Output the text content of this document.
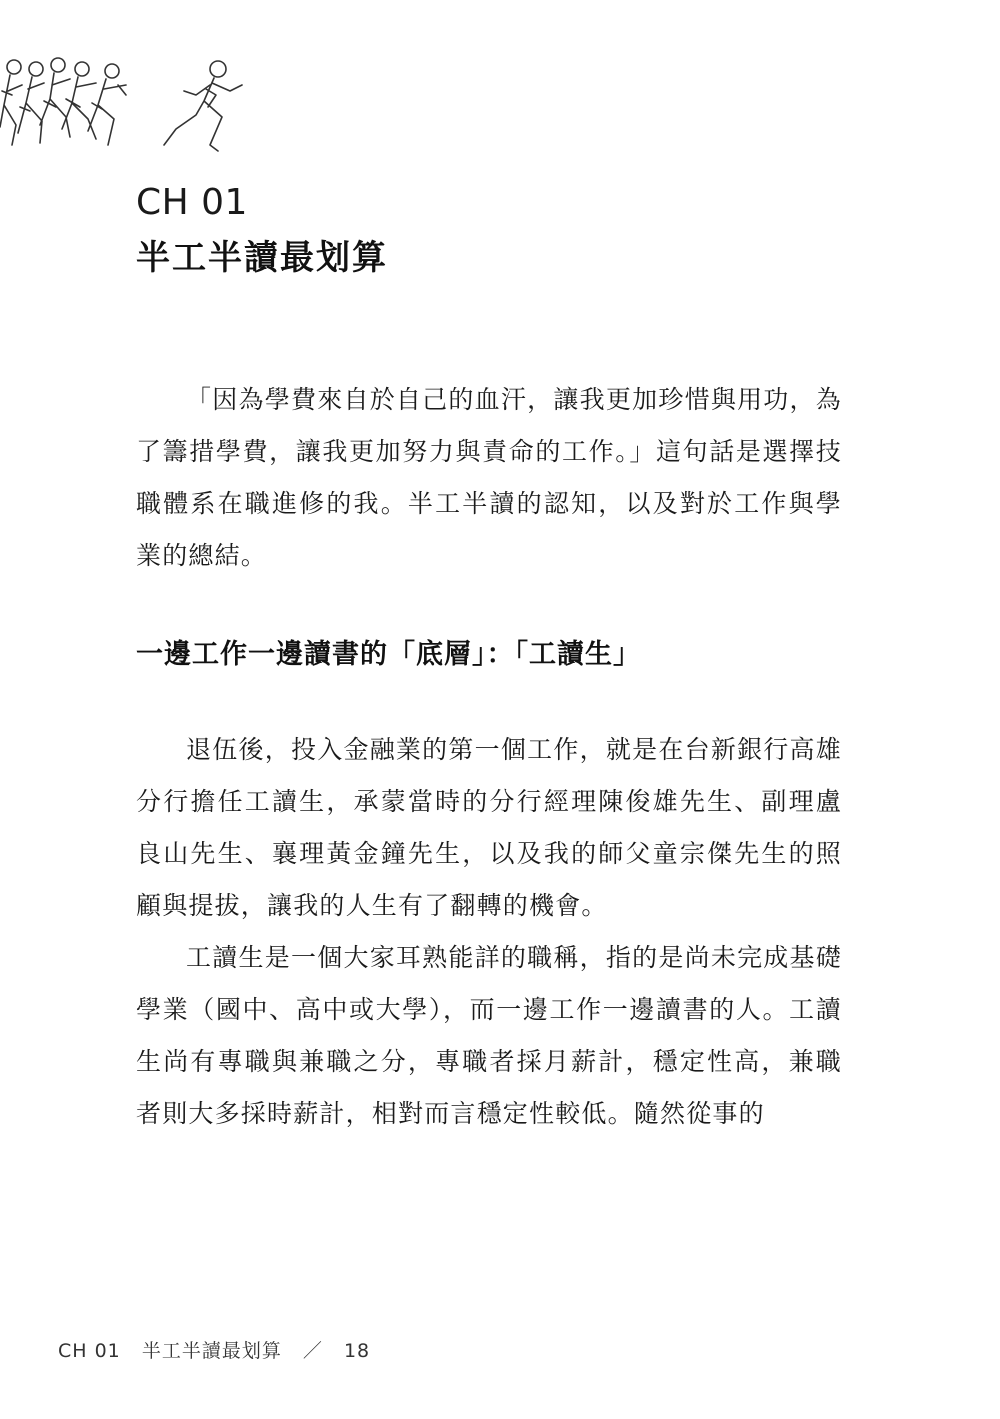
CH 01
半工半讀最划算

「因為學費來自於自己的血汗，讓我更加珍惜與用功，為了籌措學費，讓我更加努力與責命的工作。」這句話是選擇技職體系在職進修的我。半工半讀的認知，以及對於工作與學業的總結。

一邊工作一邊讀書的「底層」：「工讀生」

退伍後，投入金融業的第一個工作，就是在台新銀行高雄分行擔任工讀生，承蒙當時的分行經理陳俊雄先生、副理盧良山先生、襄理黃金鐘先生，以及我的師父童宗傑先生的照顧與提拔，讓我的人生有了翻轉的機會。

工讀生是一個大家耳熟能詳的職稱，指的是尚未完成基礎學業（國中、高中或大學），而一邊工作一邊讀書的人。工讀生尚有專職與兼職之分，專職者採月薪計，穩定性高，兼職者則大多採時薪計，相對而言穩定性較低。隨然從事的

CH 01 半工半讀最划算 ／ 18
